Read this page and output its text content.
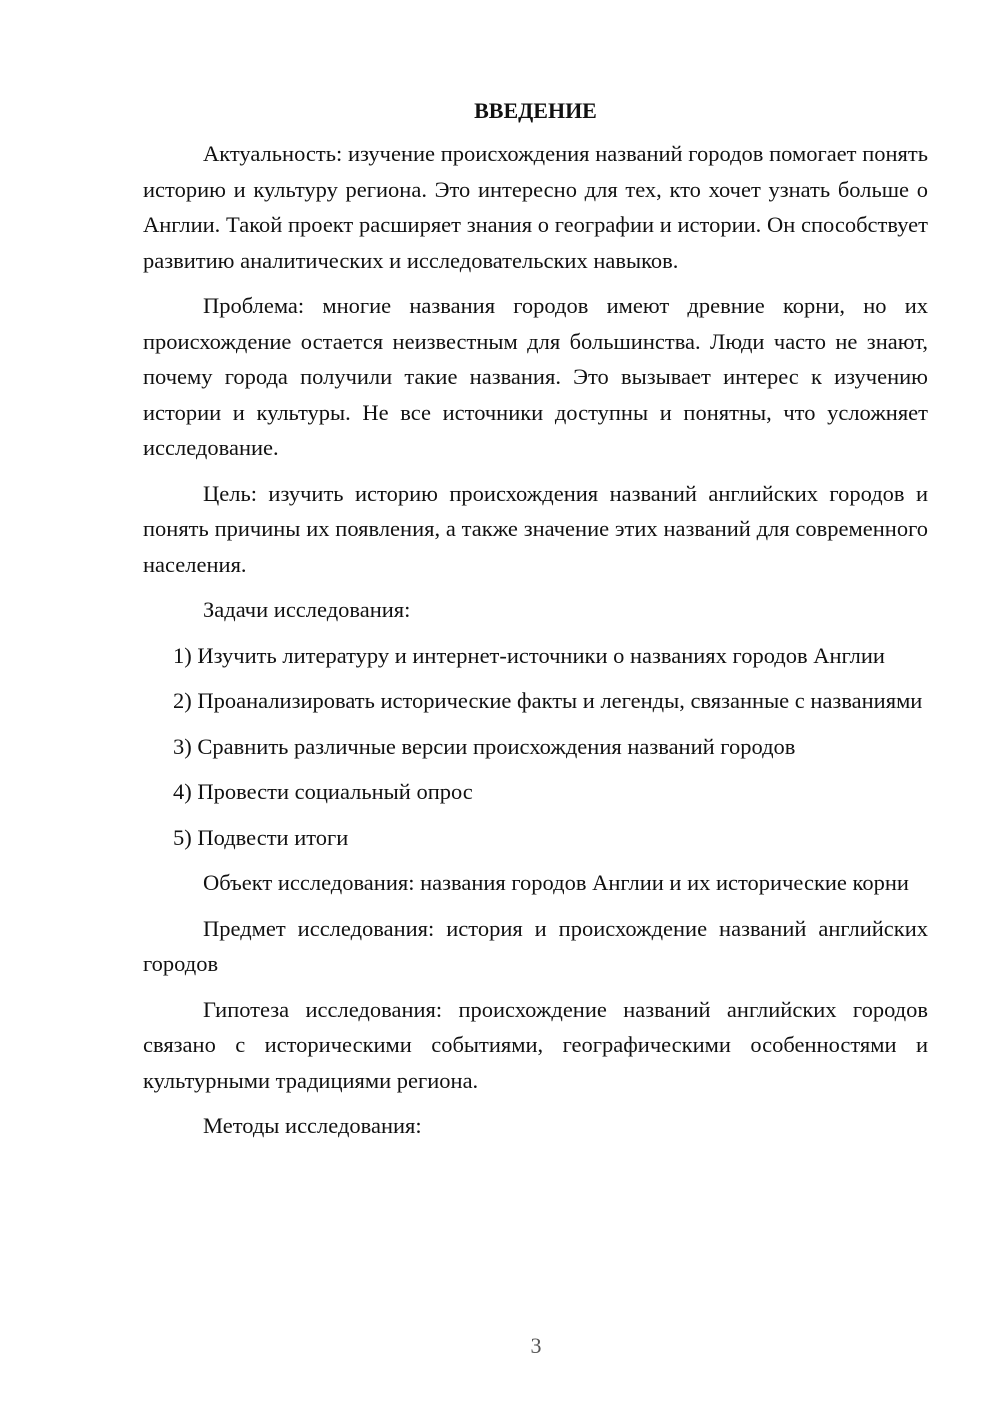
ВВЕДЕНИЕ

Актуальность: изучение происхождения названий городов помогает понять историю и культуру региона. Это интересно для тех, кто хочет узнать больше о Англии. Такой проект расширяет знания о географии и истории. Он способствует развитию аналитических и исследовательских навыков.

Проблема: многие названия городов имеют древние корни, но их происхождение остается неизвестным для большинства. Люди часто не знают, почему города получили такие названия. Это вызывает интерес к изучению истории и культуры. Не все источники доступны и понятны, что усложняет исследование.

Цель: изучить историю происхождения названий английских городов и понять причины их появления, а также значение этих названий для современного населения.

Задачи исследования:

1) Изучить литературу и интернет-источники о названиях городов Англии

2) Проанализировать исторические факты и легенды, связанные с названиями

3) Сравнить различные версии происхождения названий городов

4) Провести социальный опрос

5) Подвести итоги

Объект исследования: названия городов Англии и их исторические корни

Предмет исследования: история и происхождение названий английских городов

Гипотеза исследования: происхождение названий английских городов связано с историческими событиями, географическими особенностями и культурными традициями региона.

Методы исследования:

3
